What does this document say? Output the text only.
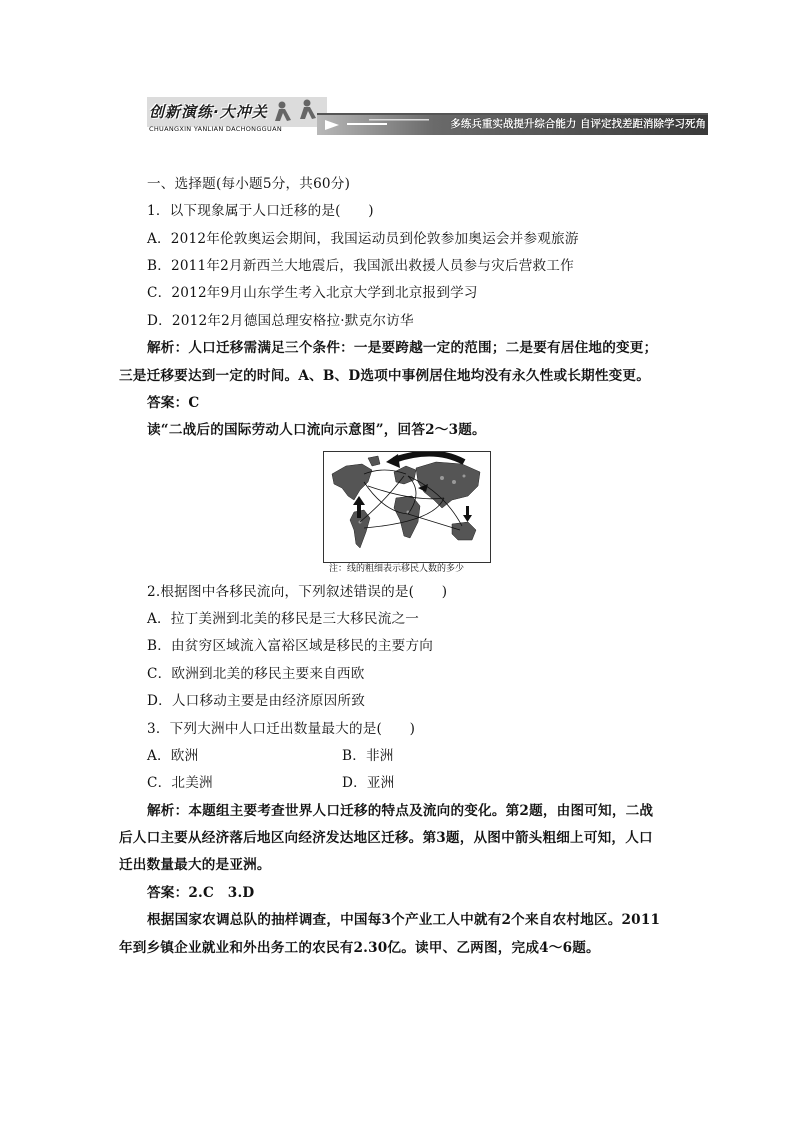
创新演练·大冲关
CHUANGXIN YANLIAN DACHONGGUAN	多练兵重实战提升综合能力 自评定找差距消除学习死角
一、选择题(每小题5分，共60分)
1．以下现象属于人口迁移的是(　　)
A．2012年伦敦奥运会期间，我国运动员到伦敦参加奥运会并参观旅游
B．2011年2月新西兰大地震后，我国派出救援人员参与灾后营救工作
C．2012年9月山东学生考入北京大学到北京报到学习
D．2012年2月德国总理安格拉·默克尔访华
解析：人口迁移需满足三个条件：一是要跨越一定的范围；二是要有居住地的变更；
三是迁移要达到一定的时间。A、B、D选项中事例居住地均没有永久性或长期性变更。
答案：C
读“二战后的国际劳动人口流向示意图”，回答2～3题。
注：线的粗细表示移民人数的多少
2.根据图中各移民流向，下列叙述错误的是(　　)
A．拉丁美洲到北美的移民是三大移民流之一
B．由贫穷区域流入富裕区域是移民的主要方向
C．欧洲到北美的移民主要来自西欧
D．人口移动主要是由经济原因所致
3．下列大洲中人口迁出数量最大的是(　　)
A．欧洲	B．非洲
C．北美洲	D．亚洲
解析：本题组主要考查世界人口迁移的特点及流向的变化。第2题，由图可知，二战
后人口主要从经济落后地区向经济发达地区迁移。第3题，从图中箭头粗细上可知，人口
迁出数量最大的是亚洲。
答案：2.C　3.D
根据国家农调总队的抽样调查，中国每3个产业工人中就有2个来自农村地区。2011
年到乡镇企业就业和外出务工的农民有2.30亿。读甲、乙两图，完成4～6题。
